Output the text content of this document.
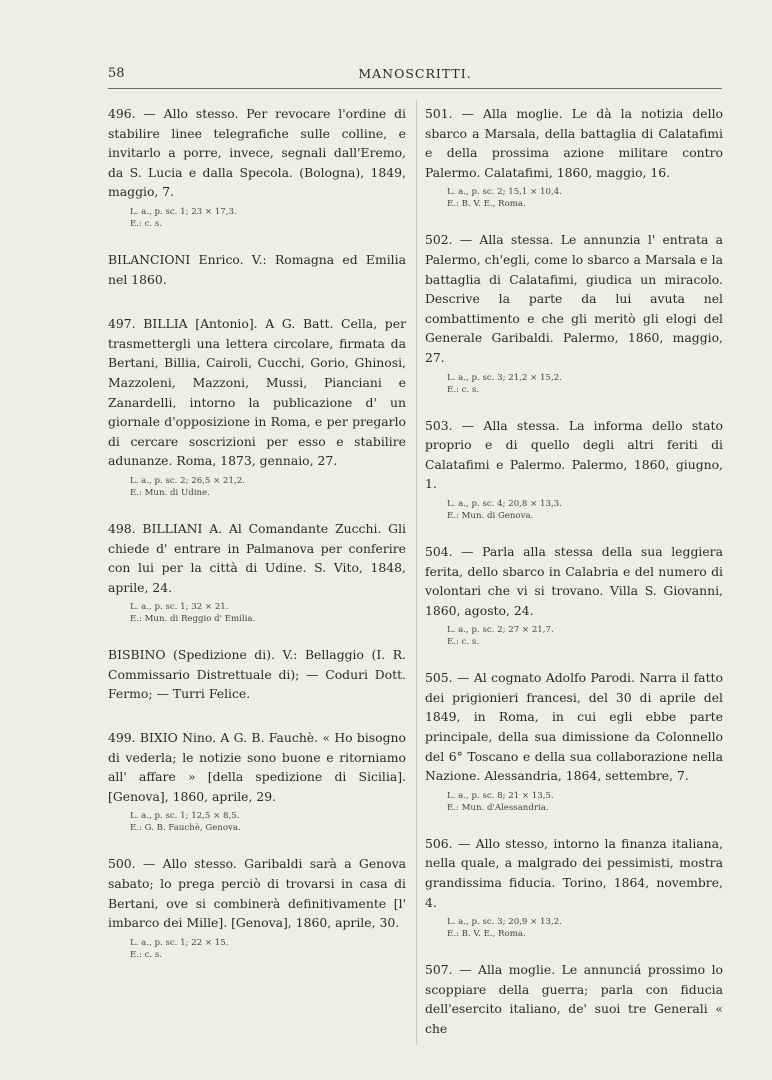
58	MANOSCRITTI.

496. — Allo stesso. Per revocare l'ordine di stabilire linee telegrafiche sulle colline, e invitarlo a porre, invece, segnali dall'Eremo, da S. Lucia e dalla Specola. (Bologna), 1849, maggio, 7.

L. a., p. sc. 1; 23 × 17,3.
E.: c. s.

BILANCIONI Enrico. V.: Romagna ed Emilia nel 1860.

497. BILLIA [Antonio]. A G. Batt. Cella, per trasmettergli una lettera circolare, firmata da Bertani, Billia, Cairoli, Cucchi, Gorio, Ghinosi, Mazzoleni, Mazzoni, Mussi, Pianciani e Zanardelli, intorno la publicazione d' un giornale d'opposizione in Roma, e per pregarlo di cercare soscrizioni per esso e stabilire adunanze. Roma, 1873, gennaio, 27.

L. a., p. sc. 2; 26,5 × 21,2.
E.: Mun. di Udine.

498. BILLIANI A. Al Comandante Zucchi. Gli chiede d' entrare in Palmanova per conferire con lui per la città di Udine. S. Vito, 1848, aprile, 24.

L. a., p. sc. 1; 32 × 21.
E.: Mun. di Reggio d' Emilia.

BISBINO (Spedizione di). V.: Bellaggio (I. R. Commissario Distrettuale di); — Coduri Dott. Fermo; — Turri Felice.

499. BIXIO Nino. A G. B. Fauchè. « Ho bisogno di vederla; le notizie sono buone e ritorniamo all' affare » [della spedizione di Sicilia]. [Genova], 1860, aprile, 29.

L. a., p. sc. 1; 12,5 × 8,5.
E.: G. B. Fauchè, Genova.

500. — Allo stesso. Garibaldi sarà a Genova sabato; lo prega perciò di trovarsi in casa di Bertani, ove si combinerà definitivamente [l' imbarco dei Mille]. [Genova], 1860, aprile, 30.

L. a., p. sc. 1; 22 × 15.
E.: c. s.

501. — Alla moglie. Le dà la notizia dello sbarco a Marsala, della battaglia di Calatafimi e della prossima azione militare contro Palermo. Calatafimi, 1860, maggio, 16.

L. a., p. sc. 2; 15,1 × 10,4.
E.: B. V. E., Roma.

502. — Alla stessa. Le annunzia l' entrata a Palermo, ch'egli, come lo sbarco a Marsala e la battaglia di Calatafimi, giudica un miracolo. Descrive la parte da lui avuta nel combattimento e che gli meritò gli elogi del Generale Garibaldi. Palermo, 1860, maggio, 27.

L. a., p. sc. 3; 21,2 × 15,2.
E.: c. s.

503. — Alla stessa. La informa dello stato proprio e di quello degli altri feriti di Calatafimi e Palermo. Palermo, 1860, giugno, 1.

L. a., p. sc. 4; 20,8 × 13,3.
E.: Mun. di Genova.

504. — Parla alla stessa della sua leggiera ferita, dello sbarco in Calabria e del numero di volontari che vi si trovano. Villa S. Giovanni, 1860, agosto, 24.

L. a., p. sc. 2; 27 × 21,7.
E.: c. s.

505. — Al cognato Adolfo Parodi. Narra il fatto dei prigionieri francesi, del 30 di aprile del 1849, in Roma, in cui egli ebbe parte principale, della sua dimissione da Colonnello del 6° Toscano e della sua collaborazione nella Nazione. Alessandria, 1864, settembre, 7.

L. a., p. sc. 8; 21 × 13,5.
E.: Mun. d'Alessandria.

506. — Allo stesso, intorno la finanza italiana, nella quale, a malgrado dei pessimisti, mostra grandissima fiducia. Torino, 1864, novembre, 4.

L. a., p. sc. 3; 20,9 × 13,2.
E.: B. V. E., Roma.

507. — Alla moglie. Le annunciá prossimo lo scoppiare della guerra; parla con fiducia dell'esercito italiano, de' suoi tre Generali « che
